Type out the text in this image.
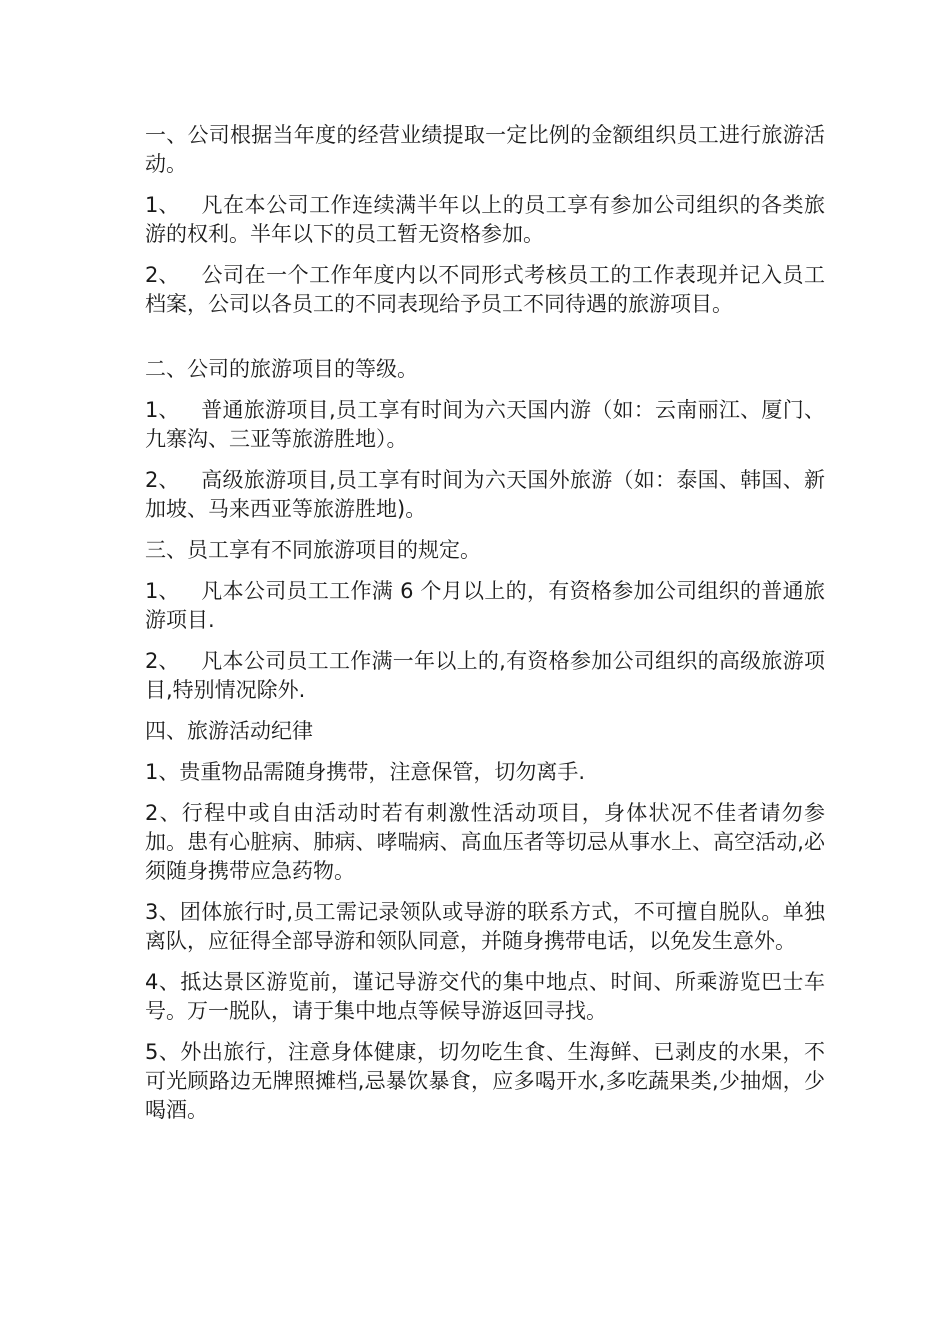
一、公司根据当年度的经营业绩提取一定比例的金额组织员工进行旅游活动。

1、 凡在本公司工作连续满半年以上的员工享有参加公司组织的各类旅游的权利。半年以下的员工暂无资格参加。

2、 公司在一个工作年度内以不同形式考核员工的工作表现并记入员工档案，公司以各员工的不同表现给予员工不同待遇的旅游项目。

二、公司的旅游项目的等级。

1、 普通旅游项目,员工享有时间为六天国内游（如：云南丽江、厦门、九寨沟、三亚等旅游胜地）。

2、 高级旅游项目,员工享有时间为六天国外旅游（如：泰国、韩国、新加坡、马来西亚等旅游胜地)。

三、员工享有不同旅游项目的规定。

1、 凡本公司员工工作满 6 个月以上的，有资格参加公司组织的普通旅游项目.

2、 凡本公司员工工作满一年以上的,有资格参加公司组织的高级旅游项目,特别情况除外.

四、旅游活动纪律

1、贵重物品需随身携带，注意保管，切勿离手.

2、行程中或自由活动时若有刺激性活动项目，身体状况不佳者请勿参加。患有心脏病、肺病、哮喘病、高血压者等切忌从事水上、高空活动,必须随身携带应急药物。

3、团体旅行时,员工需记录领队或导游的联系方式，不可擅自脱队。单独离队，应征得全部导游和领队同意，并随身携带电话，以免发生意外。

4、抵达景区游览前，谨记导游交代的集中地点、时间、所乘游览巴士车号。万一脱队，请于集中地点等候导游返回寻找。

5、外出旅行，注意身体健康，切勿吃生食、生海鲜、已剥皮的水果，不可光顾路边无牌照摊档,忌暴饮暴食，应多喝开水,多吃蔬果类,少抽烟，少喝酒。
